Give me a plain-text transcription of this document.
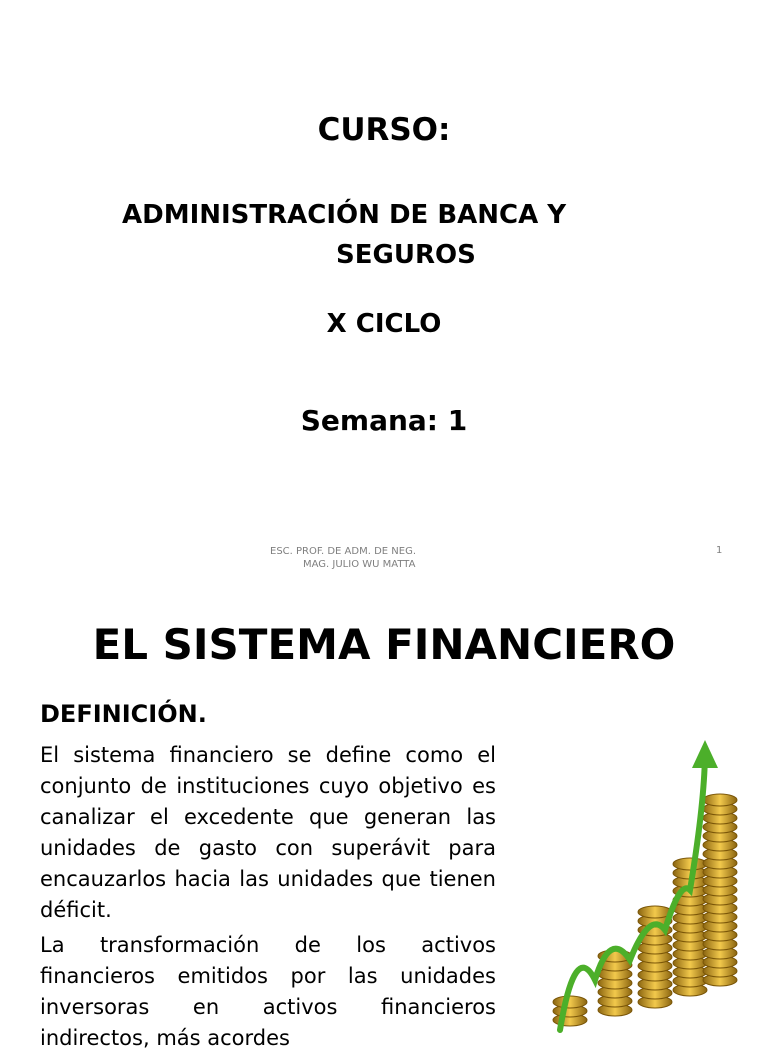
CURSO:
ADMINISTRACIÓN DE BANCA Y
SEGUROS
X CICLO
Semana: 1
ESC. PROF. DE ADM. DE NEG.
MAG. JULIO WU MATTA
1
EL SISTEMA FINANCIERO
DEFINICIÓN.

El sistema financiero se define como el conjunto de instituciones cuyo objetivo es canalizar el excedente que generan las unidades de gasto con superávit para encauzarlos hacia las unidades que tienen déficit.

La transformación de los activos financieros emitidos por las unidades inversoras en activos financieros indirectos, más acordes
